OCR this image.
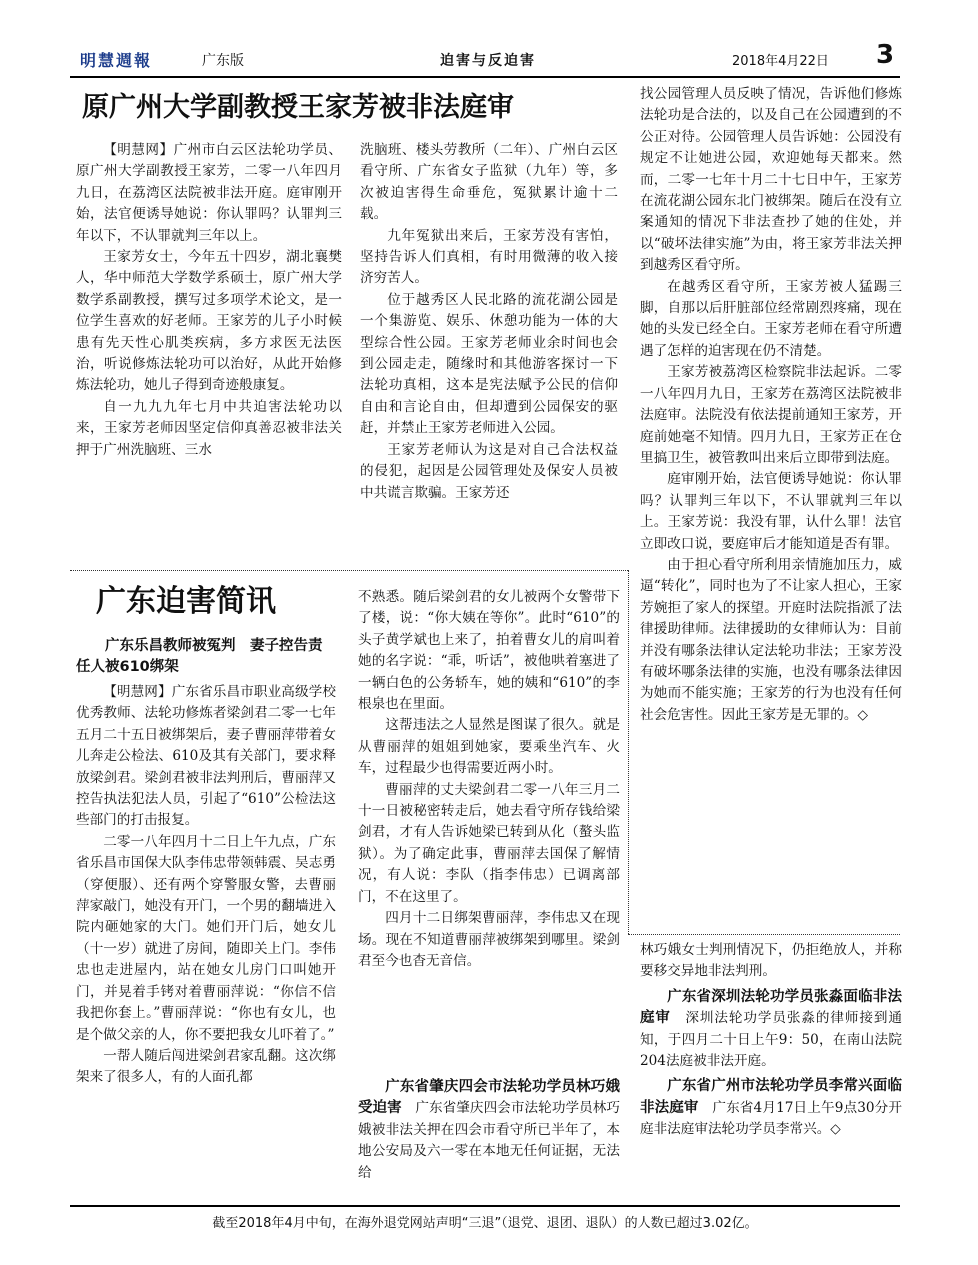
明慧週報	广东版	迫害与反迫害	2018年4月22日 3
原广州大学副教授王家芳被非法庭审

【明慧网】广州市白云区法轮功学员、原广州大学副教授王家芳，二零一八年四月九日，在荔湾区法院被非法开庭。庭审刚开始，法官便诱导她说：你认罪吗？认罪判三年以下，不认罪就判三年以上。

王家芳女士，今年五十四岁，湖北襄樊人，华中师范大学数学系硕士，原广州大学数学系副教授，撰写过多项学术论文，是一位学生喜欢的好老师。王家芳的儿子小时候患有先天性心肌类疾病，多方求医无法医治，听说修炼法轮功可以治好，从此开始修炼法轮功，她儿子得到奇迹般康复。

自一九九九年七月中共迫害法轮功以来，王家芳老师因坚定信仰真善忍被非法关押于广州洗脑班、三水

洗脑班、楼头劳教所（二年）、广州白云区看守所、广东省女子监狱（九年）等，多次被迫害得生命垂危，冤狱累计逾十二载。

九年冤狱出来后，王家芳没有害怕，坚持告诉人们真相，有时用微薄的收入接济穷苦人。

位于越秀区人民北路的流花湖公园是一个集游览、娱乐、休憩功能为一体的大型综合性公园。王家芳老师业余时间也会到公园走走，随缘时和其他游客探讨一下法轮功真相，这本是宪法赋予公民的信仰自由和言论自由，但却遭到公园保安的驱赶，并禁止王家芳老师进入公园。

王家芳老师认为这是对自己合法权益的侵犯，起因是公园管理处及保安人员被中共谎言欺骗。王家芳还

找公园管理人员反映了情况，告诉他们修炼法轮功是合法的，以及自己在公园遭到的不公正对待。公园管理人员告诉她：公园没有规定不让她进公园，欢迎她每天都来。然而，二零一七年十月二十七日中午，王家芳在流花湖公园东北门被绑架。随后在没有立案通知的情况下非法查抄了她的住处，并以“破坏法律实施”为由，将王家芳非法关押到越秀区看守所。

在越秀区看守所，王家芳被人猛踢三脚，自那以后肝脏部位经常剧烈疼痛，现在她的头发已经全白。王家芳老师在看守所遭遇了怎样的迫害现在仍不清楚。

王家芳被荔湾区检察院非法起诉。二零一八年四月九日，王家芳在荔湾区法院被非法庭审。法院没有依法提前通知王家芳，开庭前她毫不知情。四月九日，王家芳正在仓里搞卫生，被管教叫出来后立即带到法庭。

庭审刚开始，法官便诱导她说：你认罪吗？认罪判三年以下，不认罪就判三年以上。王家芳说：我没有罪，认什么罪！法官立即改口说，要庭审后才能知道是否有罪。

由于担心看守所利用亲情施加压力，威逼“转化”，同时也为了不让家人担心，王家芳婉拒了家人的探望。开庭时法院指派了法律援助律师。法律援助的女律师认为：目前并没有哪条法律认定法轮功非法；王家芳没有破坏哪条法律的实施，也没有哪条法律因为她而不能实施；王家芳的行为也没有任何社会危害性。因此王家芳是无罪的。◇

广东迫害简讯
广东乐昌教师被冤判　妻子控告责任人被610绑架

【明慧网】广东省乐昌市职业高级学校优秀教师、法轮功修炼者梁剑君二零一七年五月二十五日被绑架后，妻子曹丽萍带着女儿奔走公检法、610及其有关部门，要求释放梁剑君。梁剑君被非法判刑后，曹丽萍又控告执法犯法人员，引起了“610”公检法这些部门的打击报复。

二零一八年四月十二日上午九点，广东省乐昌市国保大队李伟忠带领韩震、吴志勇（穿便服）、还有两个穿警服女警，去曹丽萍家敲门，她没有开门，一个男的翻墙进入院内砸她家的大门。她们开门后，她女儿（十一岁）就进了房间，随即关上门。李伟忠也走进屋内，站在她女儿房门口叫她开门，并晃着手铐对着曹丽萍说：“你信不信我把你套上。”曹丽萍说：“你也有女儿，也是个做父亲的人，你不要把我女儿吓着了。”

一帮人随后闯进梁剑君家乱翻。这次绑架来了很多人，有的人面孔都

不熟悉。随后梁剑君的女儿被两个女警带下了楼，说：“你大姨在等你”。此时“610”的头子黄学斌也上来了，拍着曹女儿的肩叫着她的名字说：“乖，听话”，被他哄着塞进了一辆白色的公务轿车，她的姨和“610”的李根泉也在里面。

这帮违法之人显然是图谋了很久。就是从曹丽萍的姐姐到她家，要乘坐汽车、火车，过程最少也得需要近两小时。

曹丽萍的丈夫梁剑君二零一八年三月二十一日被秘密转走后，她去看守所存钱给梁剑君，才有人告诉她梁已转到从化（螯头监狱）。为了确定此事，曹丽萍去国保了解情况，有人说：李队（指李伟忠）已调离部门，不在这里了。

四月十二日绑架曹丽萍，李伟忠又在现场。现在不知道曹丽萍被绑架到哪里。梁剑君至今也杳无音信。

广东省肇庆四会市法轮功学员林巧娥受迫害　 广东省肇庆四会市法轮功学员林巧娥被非法关押在四会市看守所已半年了，本地公安局及六一零在本地无任何证据，无法给

林巧娥女士判刑情况下，仍拒绝放人，并称要移交异地非法判刑。

广东省深圳法轮功学员张淼面临非法庭审　 深圳法轮功学员张淼的律师接到通知，于四月二十日上午9：50，在南山法院204法庭被非法开庭。

广东省广州市法轮功学员李常兴面临非法庭审　 广东省4月17日上午9点30分开庭非法庭审法轮功学员李常兴。◇

截至2018年4月中旬，在海外退党网站声明“三退”（退党、退团、退队）的人数已超过3.02亿。
